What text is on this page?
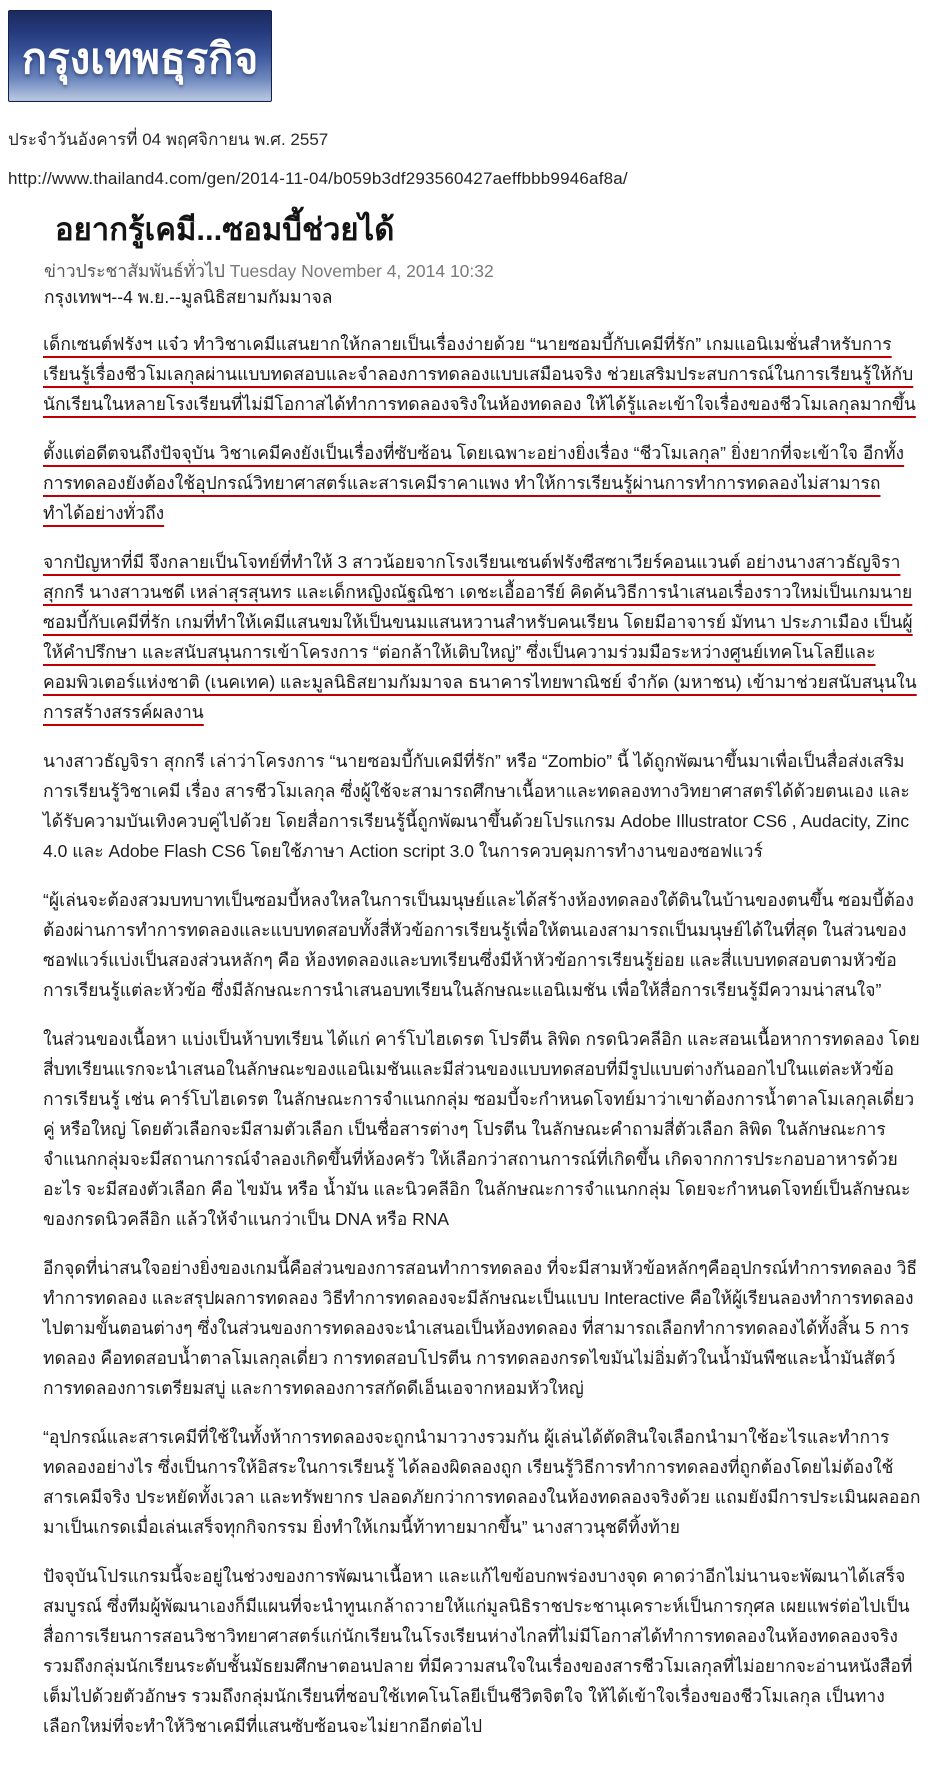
กรุงเทพธุรกิจ
ประจำวันอังคารที่ 04 พฤศจิกายน พ.ศ. 2557
http://www.thailand4.com/gen/2014-11-04/b059b3df293560427aeffbbb9946af8a/
อยากรู้เคมี...ซอมบี้ช่วยได้
ข่าวประชาสัมพันธ์ทั่วไป Tuesday November 4, 2014 10:32
กรุงเทพฯ--4 พ.ย.--มูลนิธิสยามกัมมาจล

เด็กเซนต์ฟรังฯ แจ๋ว ทำวิชาเคมีแสนยากให้กลายเป็นเรื่องง่ายด้วย “นายซอมบี้กับเคมีที่รัก” เกมแอนิเมชั่นสำหรับการเรียนรู้เรื่องชีวโมเลกุลผ่านแบบทดสอบและจำลองการทดลองแบบเสมือนจริง ช่วยเสริมประสบการณ์ในการเรียนรู้ให้กับนักเรียนในหลายโรงเรียนที่ไม่มีโอกาสได้ทำการทดลองจริงในห้องทดลอง ให้ได้รู้และเข้าใจเรื่องของชีวโมเลกุลมากขึ้น

ตั้งแต่อดีตจนถึงปัจจุบัน วิชาเคมีคงยังเป็นเรื่องที่ซับซ้อน โดยเฉพาะอย่างยิ่งเรื่อง “ชีวโมเลกุล” ยิ่งยากที่จะเข้าใจ อีกทั้งการทดลองยังต้องใช้อุปกรณ์วิทยาศาสตร์และสารเคมีราคาแพง ทำให้การเรียนรู้ผ่านการทำการทดลองไม่สามารถทำได้อย่างทั่วถึง

จากปัญหาที่มี จึงกลายเป็นโจทย์ที่ทำให้ 3 สาวน้อยจากโรงเรียนเซนต์ฟรังซีสซาเวียร์คอนแวนต์ อย่างนางสาวธัญจิรา สุกกรี นางสาวนชดี เหล่าสุรสุนทร และเด็กหญิงณัฐณิชา เดชะเอื้ออารีย์ คิดค้นวิธีการนำเสนอเรื่องราวใหม่เป็นเกมนายซอมบี้กับเคมีที่รัก เกมที่ทำให้เคมีแสนขมให้เป็นขนมแสนหวานสำหรับคนเรียน โดยมีอาจารย์ มัทนา ประภาเมือง เป็นผู้ให้คำปรึกษา และสนับสนุนการเข้าโครงการ “ต่อกล้าให้เติบใหญ่” ซึ่งเป็นความร่วมมือระหว่างศูนย์เทคโนโลยีและคอมพิวเตอร์แห่งชาติ (เนคเทค) และมูลนิธิสยามกัมมาจล ธนาคารไทยพาณิชย์ จำกัด (มหาชน) เข้ามาช่วยสนับสนุนในการสร้างสรรค์ผลงาน

นางสาวธัญจิรา สุกกรี เล่าว่าโครงการ “นายซอมบี้กับเคมีที่รัก” หรือ “Zombio” นี้ ได้ถูกพัฒนาขึ้นมาเพื่อเป็นสื่อส่งเสริมการเรียนรู้วิชาเคมี เรื่อง สารชีวโมเลกุล ซึ่งผู้ใช้จะสามารถศึกษาเนื้อหาและทดลองทางวิทยาศาสตร์ได้ด้วยตนเอง และได้รับความบันเทิงควบคู่ไปด้วย โดยสื่อการเรียนรู้นี้ถูกพัฒนาขึ้นด้วยโปรแกรม Adobe Illustrator CS6 , Audacity, Zinc 4.0 และ Adobe Flash CS6 โดยใช้ภาษา Action script 3.0 ในการควบคุมการทำงานของซอฟแวร์

“ผู้เล่นจะต้องสวมบทบาทเป็นซอมบี้หลงใหลในการเป็นมนุษย์และได้สร้างห้องทดลองใต้ดินในบ้านของตนขึ้น ซอมบี้ต้องต้องผ่านการทำการทดลองและแบบทดสอบทั้งสี่หัวข้อการเรียนรู้เพื่อให้ตนเองสามารถเป็นมนุษย์ได้ในที่สุด ในส่วนของซอฟแวร์แบ่งเป็นสองส่วนหลักๆ คือ ห้องทดลองและบทเรียนซึ่งมีห้าหัวข้อการเรียนรู้ย่อย และสี่แบบทดสอบตามหัวข้อการเรียนรู้แต่ละหัวข้อ ซึ่งมีลักษณะการนำเสนอบทเรียนในลักษณะแอนิเมชัน เพื่อให้สื่อการเรียนรู้มีความน่าสนใจ”

ในส่วนของเนื้อหา แบ่งเป็นห้าบทเรียน ได้แก่ คาร์โบไฮเดรต โปรตีน ลิพิด กรดนิวคลีอิก และสอนเนื้อหาการทดลอง โดยสี่บทเรียนแรกจะนำเสนอในลักษณะของแอนิเมชันและมีส่วนของแบบทดสอบที่มีรูปแบบต่างกันออกไปในแต่ละหัวข้อการเรียนรู้ เช่น คาร์โบไฮเดรต ในลักษณะการจำแนกกลุ่ม ซอมบี้จะกำหนดโจทย์มาว่าเขาต้องการน้ำตาลโมเลกุลเดี่ยว คู่ หรือใหญ่ โดยตัวเลือกจะมีสามตัวเลือก เป็นชื่อสารต่างๆ โปรตีน ในลักษณะคำถามสี่ตัวเลือก ลิพิด ในลักษณะการจำแนกกลุ่มจะมีสถานการณ์จำลองเกิดขึ้นที่ห้องครัว ให้เลือกว่าสถานการณ์ที่เกิดขึ้น เกิดจากการประกอบอาหารด้วยอะไร จะมีสองตัวเลือก คือ ไขมัน หรือ น้ำมัน และนิวคลีอิก ในลักษณะการจำแนกกลุ่ม โดยจะกำหนดโจทย์เป็นลักษณะของกรดนิวคลีอิก แล้วให้จำแนกว่าเป็น DNA หรือ RNA

อีกจุดที่น่าสนใจอย่างยิ่งของเกมนี้คือส่วนของการสอนทำการทดลอง ที่จะมีสามหัวข้อหลักๆคืออุปกรณ์ทำการทดลอง วิธีทำการทดลอง และสรุปผลการทดลอง วิธีทำการทดลองจะมีลักษณะเป็นแบบ Interactive คือให้ผู้เรียนลองทำการทดลองไปตามขั้นตอนต่างๆ ซึ่งในส่วนของการทดลองจะนำเสนอเป็นห้องทดลอง ที่สามารถเลือกทำการทดลองได้ทั้งสิ้น 5 การทดลอง คือทดสอบน้ำตาลโมเลกุลเดี่ยว การทดสอบโปรตีน การทดลองกรดไขมันไม่อิ่มตัวในน้ำมันพืชและน้ำมันสัตว์ การทดลองการเตรียมสบู่ และการทดลองการสกัดดีเอ็นเอจากหอมหัวใหญ่

“อุปกรณ์และสารเคมีที่ใช้ในทั้งห้าการทดลองจะถูกนำมาวางรวมกัน ผู้เล่นได้ตัดสินใจเลือกนำมาใช้อะไรและทำการทดลองอย่างไร ซึ่งเป็นการให้อิสระในการเรียนรู้ ได้ลองผิดลองถูก เรียนรู้วิธีการทำการทดลองที่ถูกต้องโดยไม่ต้องใช้สารเคมีจริง ประหยัดทั้งเวลา และทรัพยากร ปลอดภัยกว่าการทดลองในห้องทดลองจริงด้วย แถมยังมีการประเมินผลออกมาเป็นเกรดเมื่อเล่นเสร็จทุกกิจกรรม ยิ่งทำให้เกมนี้ท้าทายมากขึ้น” นางสาวนุชดีทิ้งท้าย

ปัจจุบันโปรแกรมนี้จะอยู่ในช่วงของการพัฒนาเนื้อหา และแก้ไขข้อบกพร่องบางจุด คาดว่าอีกไม่นานจะพัฒนาได้เสร็จสมบูรณ์ ซึ่งทีมผู้พัฒนาเองก็มีแผนที่จะนำทูนเกล้าถวายให้แก่มูลนิธิราชประชานุเคราะห์เป็นการกุศล เผยแพร่ต่อไปเป็นสื่อการเรียนการสอนวิชาวิทยาศาสตร์แก่นักเรียนในโรงเรียนห่างไกลที่ไม่มีโอกาสได้ทำการทดลองในห้องทดลองจริง รวมถึงกลุ่มนักเรียนระดับชั้นมัธยมศึกษาตอนปลาย ที่มีความสนใจในเรื่องของสารชีวโมเลกุลที่ไม่อยากจะอ่านหนังสือที่เต็มไปด้วยตัวอักษร รวมถึงกลุ่มนักเรียนที่ชอบใช้เทคโนโลยีเป็นชีวิตจิตใจ ให้ได้เข้าใจเรื่องของชีวโมเลกุล เป็นทางเลือกใหม่ที่จะทำให้วิชาเคมีที่แสนซับซ้อนจะไม่ยากอีกต่อไป
